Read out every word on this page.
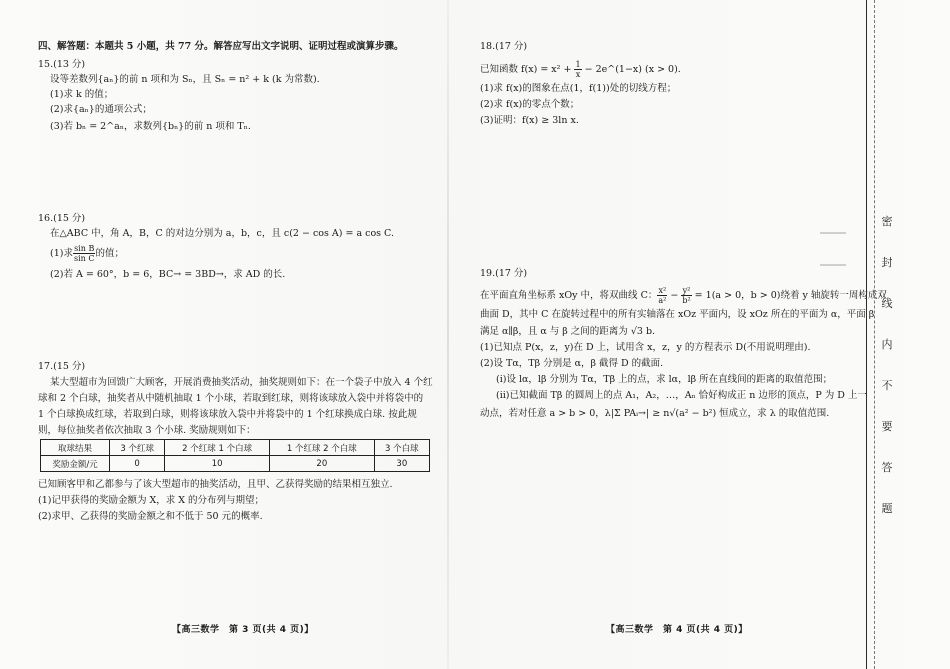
四、解答题：本题共 5 小题，共 77 分。解答应写出文字说明、证明过程或演算步骤。
15.(13 分)
设等差数列{aₙ}的前 n 项和为 Sₙ，且 Sₙ = n² + k (k 为常数).
(1)求 k 的值；
(2)求{aₙ}的通项公式；
(3)若 bₙ = 2^aₙ，求数列{bₙ}的前 n 项和 Tₙ.
16.(15 分)
在△ABC 中，角 A，B，C 的对边分别为 a，b，c，且 c(2 − cos A) = a cos C.
(1)求 $\frac{\text{sin B}}{\text{sin C}}$ 的值；
(2)若 A = 60°，b = 6，BC→ = 3BD→，求 AD 的长.
17.(15 分)
某大型超市为回馈广大顾客，开展消费抽奖活动，抽奖规则如下：在一个袋子中放入 4 个红
球和 2 个白球，抽奖者从中随机抽取 1 个小球，若取到红球，则将该球放入袋中并将袋中的
1 个白球换成红球，若取到白球，则将该球放入袋中并将袋中的 1 个红球换成白球. 按此规
则，每位抽奖者依次抽取 3 个小球. 奖励规则如下：
取球结果	3 个红球	2 个红球 1 个白球	1 个红球 2 个白球	3 个白球
奖励金额/元	0	10	20	30
已知顾客甲和乙都参与了该大型超市的抽奖活动，且甲、乙获得奖励的结果相互独立.
(1)记甲获得的奖励金额为 X，求 X 的分布列与期望；
(2)求甲、乙获得的奖励金额之和不低于 50 元的概率.
【高三数学　第 3 页(共 4 页)】
18.(17 分)
已知函数 $f(x) = x^2 + \frac{1}{x}$ − 2e^(1−x) (x > 0).
(1)求 f(x)的图象在点(1，f(1))处的切线方程；
(2)求 f(x)的零点个数；
(3)证明：f(x) ≥ 3ln x.
19.(17 分)
在平面直角坐标系 xOy 中，将双曲线 C： $\frac{\text{x²}}{\text{a²}} - \frac{\text{y²}}{\text{b²}} = 1(a > 0$，b > 0)绕着 y 轴旋转一周构成双
曲面 D，其中 C 在旋转过程中的所有实轴落在 xOz 平面内，设 xOz 所在的平面为 α，平面 β
满足 α∥β，且 α 与 β 之间的距离为 √3 b.
(1)已知点 P(x，z，y)在 D 上，试用含 x，z，y 的方程表示 D(不用说明理由).
(2)设 Tα，Tβ 分别是 α，β 截得 D 的截面.
(ⅰ)设 lα，lβ 分别为 Tα，Tβ 上的点，求 lα，lβ 所在直线间的距离的取值范围；
(ⅱ)已知截面 Tβ 的圆周上的点 A₁，A₂，…，Aₙ 恰好构成正 n 边形的顶点，P 为 D 上一
动点，若对任意 a > b > 0，λ|Σ PAᵢ→| ≥ n√(a² − b²) 恒成立，求 λ 的取值范围.
【高三数学　第 4 页(共 4 页)】
密
封
线
内
不
要
答
题
